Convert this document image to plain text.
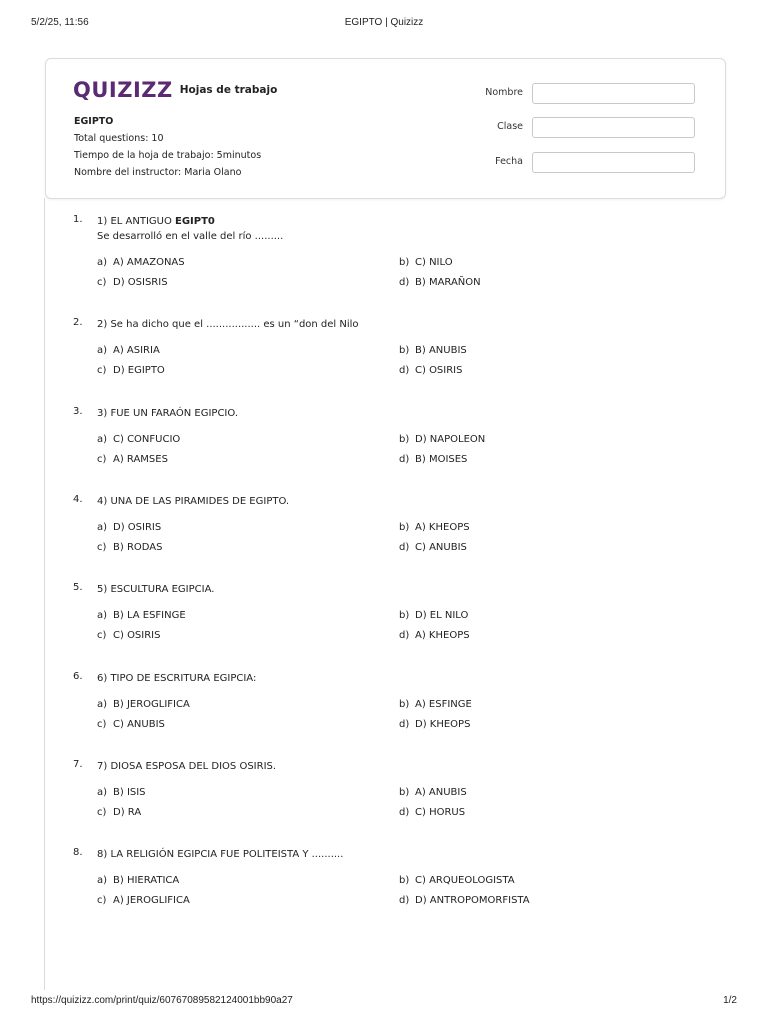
5/2/25, 11:56	EGIPTO | Quizizz
QUIZIZZ Hojas de trabajo
EGIPTO
Total questions: 10
Tiempo de la hoja de trabajo: 5minutos
Nombre del instructor: Maria Olano
Nombre
Clase
Fecha
1. 1) EL ANTIGUO EGIPT0
Se desarrolló en el valle del río .........
a) A) AMAZONAS	b) C) NILO
c) D) OSISRIS	d) B) MARAÑON
2. 2) Se ha dicho que el ................. es un “don del Nilo
a) A) ASIRIA	b) B) ANUBIS
c) D) EGIPTO	d) C) OSIRIS
3. 3) FUE UN FARAÓN EGIPCIO.
a) C) CONFUCIO	b) D) NAPOLEON
c) A) RAMSES	d) B) MOISES
4. 4) UNA DE LAS PIRAMIDES DE EGIPTO.
a) D) OSIRIS	b) A) KHEOPS
c) B) RODAS	d) C) ANUBIS
5. 5) ESCULTURA EGIPCIA.
a) B) LA ESFINGE	b) D) EL NILO
c) C) OSIRIS	d) A) KHEOPS
6. 6) TIPO DE ESCRITURA EGIPCIA:
a) B) JEROGLIFICA	b) A) ESFINGE
c) C) ANUBIS	d) D) KHEOPS
7. 7) DIOSA ESPOSA DEL DIOS OSIRIS.
a) B) ISIS	b) A) ANUBIS
c) D) RA	d) C) HORUS
8. 8) LA RELIGIÓN EGIPCIA FUE POLITEISTA Y ..........
a) B) HIERATICA	b) C) ARQUEOLOGISTA
c) A) JEROGLIFICA	d) D) ANTROPOMORFISTA
https://quizizz.com/print/quiz/60767089582124001bb90a27	1/2
